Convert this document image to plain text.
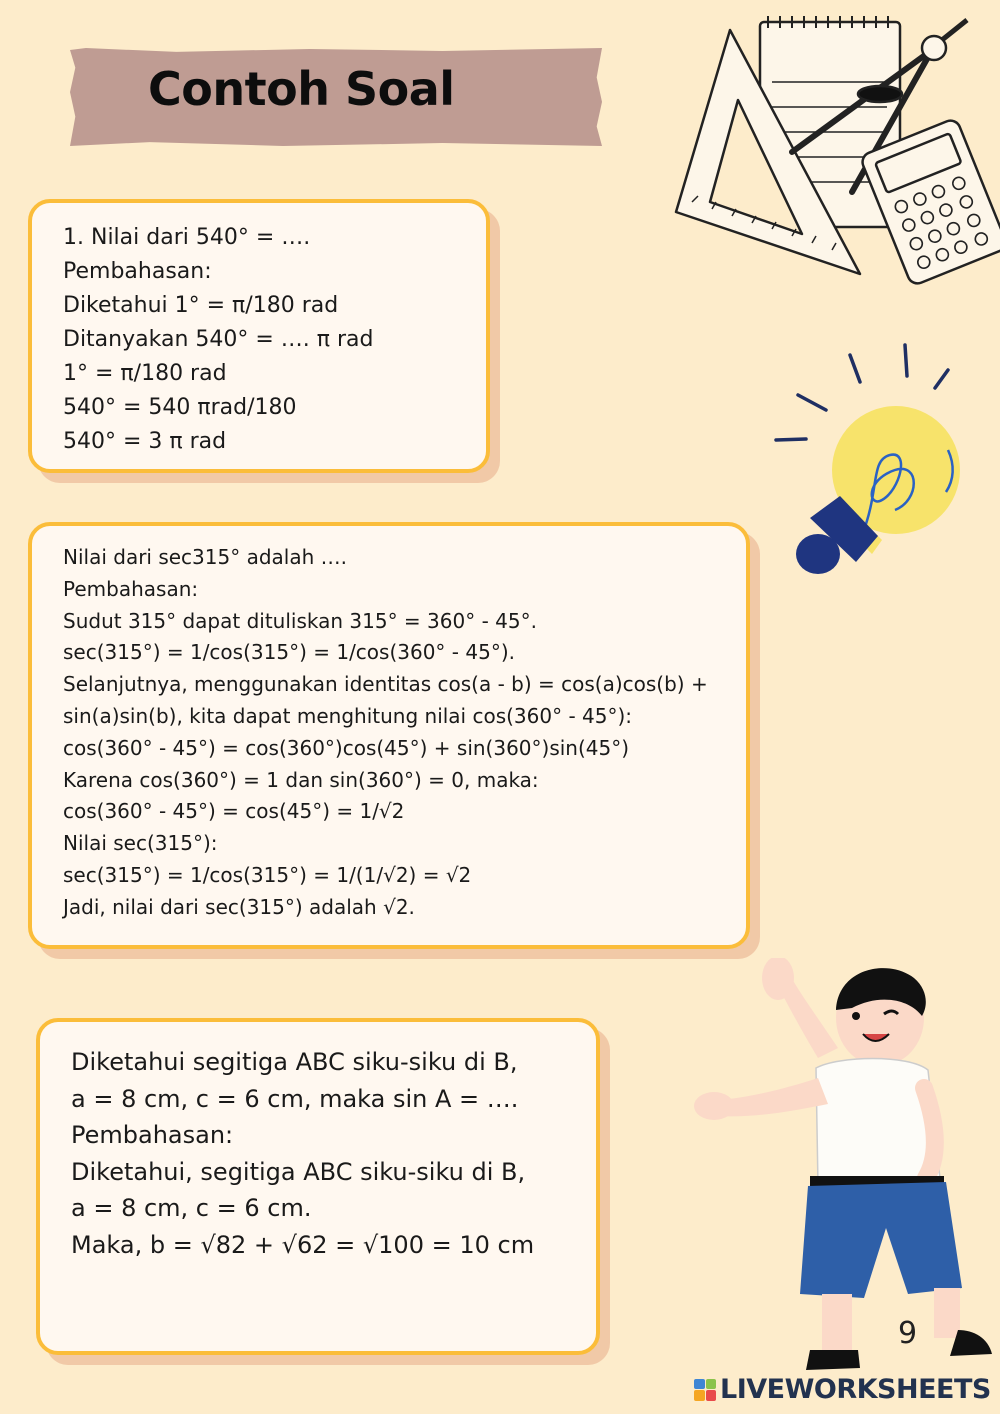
Contoh Soal
1. Nilai dari 540° = ….
Pembahasan:
Diketahui 1° = π/180 rad
Ditanyakan 540° = …. π rad
1° = π/180 rad
540° = 540 πrad/180
540° = 3 π rad
Nilai dari sec315° adalah ….
Pembahasan:
Sudut 315° dapat dituliskan 315° = 360° - 45°.
sec(315°) = 1/cos(315°) = 1/cos(360° - 45°).
Selanjutnya, menggunakan identitas cos(a - b) = cos(a)cos(b) +
sin(a)sin(b), kita dapat menghitung nilai cos(360° - 45°):
cos(360° - 45°) = cos(360°)cos(45°) + sin(360°)sin(45°)
Karena cos(360°) = 1 dan sin(360°) = 0, maka:
cos(360° - 45°) = cos(45°) = 1/√2
Nilai sec(315°):
sec(315°) = 1/cos(315°) = 1/(1/√2) = √2
Jadi, nilai dari sec(315°) adalah √2.
Diketahui segitiga ABC siku-siku di B,
a = 8 cm, c = 6 cm, maka sin A = ….
Pembahasan:
Diketahui, segitiga ABC siku-siku di B,
a = 8 cm, c = 6 cm.
Maka, b = √82 + √62 = √100 = 10 cm
9
LIVEWORKSHEETS
